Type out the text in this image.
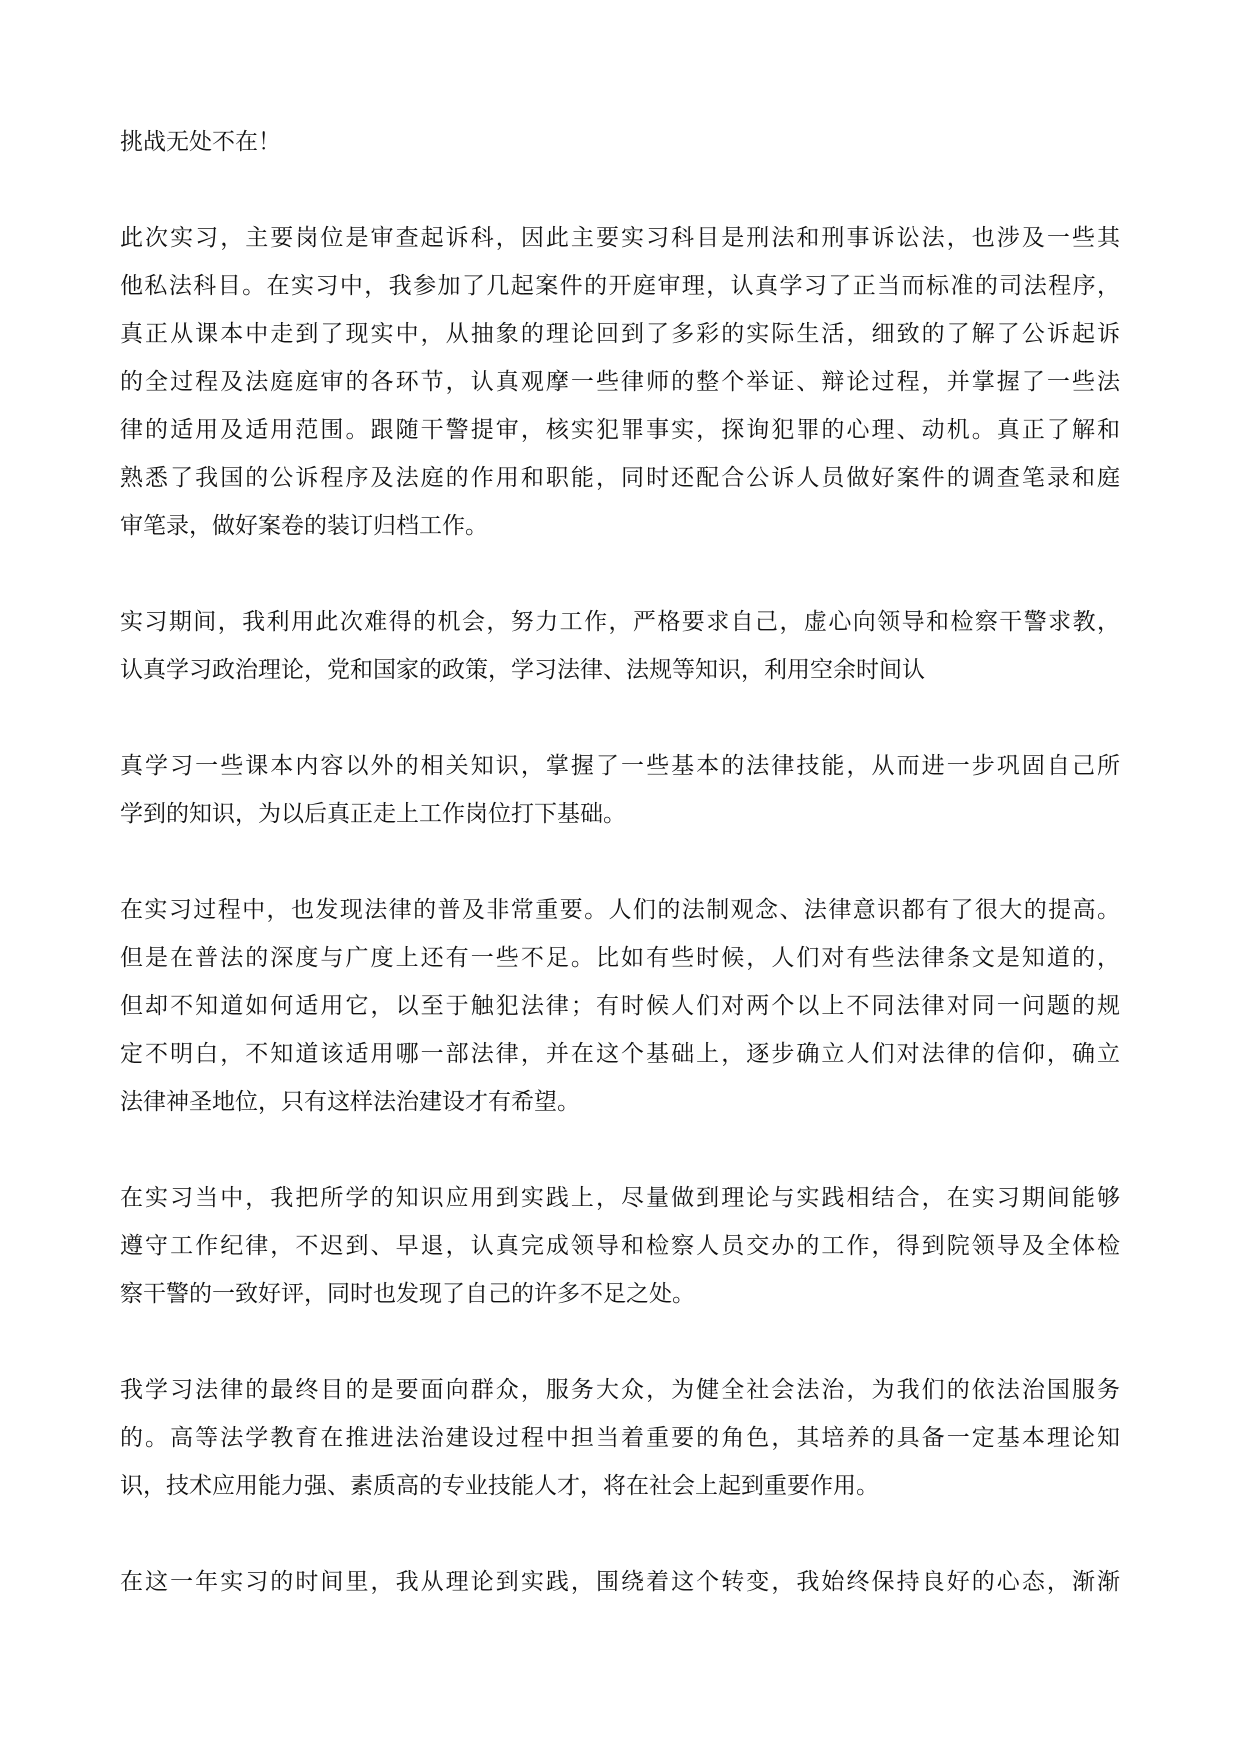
挑战无处不在！
此次实习，主要岗位是审查起诉科，因此主要实习科目是刑法和刑事诉讼法，也涉及一些其
他私法科目。在实习中，我参加了几起案件的开庭审理，认真学习了正当而标准的司法程序，
真正从课本中走到了现实中，从抽象的理论回到了多彩的实际生活，细致的了解了公诉起诉
的全过程及法庭庭审的各环节，认真观摩一些律师的整个举证、辩论过程，并掌握了一些法
律的适用及适用范围。跟随干警提审，核实犯罪事实，探询犯罪的心理、动机。真正了解和
熟悉了我国的公诉程序及法庭的作用和职能，同时还配合公诉人员做好案件的调查笔录和庭
审笔录，做好案卷的装订归档工作。
实习期间，我利用此次难得的机会，努力工作，严格要求自己，虚心向领导和检察干警求教，
认真学习政治理论，党和国家的政策，学习法律、法规等知识，利用空余时间认
真学习一些课本内容以外的相关知识，掌握了一些基本的法律技能，从而进一步巩固自己所
学到的知识，为以后真正走上工作岗位打下基础。
在实习过程中，也发现法律的普及非常重要。人们的法制观念、法律意识都有了很大的提高。
但是在普法的深度与广度上还有一些不足。比如有些时候，人们对有些法律条文是知道的，
但却不知道如何适用它，以至于触犯法律；有时候人们对两个以上不同法律对同一问题的规
定不明白，不知道该适用哪一部法律，并在这个基础上，逐步确立人们对法律的信仰，确立
法律神圣地位，只有这样法治建设才有希望。
在实习当中，我把所学的知识应用到实践上，尽量做到理论与实践相结合，在实习期间能够
遵守工作纪律，不迟到、早退，认真完成领导和检察人员交办的工作，得到院领导及全体检
察干警的一致好评，同时也发现了自己的许多不足之处。
我学习法律的最终目的是要面向群众，服务大众，为健全社会法治，为我们的依法治国服务
的。高等法学教育在推进法治建设过程中担当着重要的角色，其培养的具备一定基本理论知
识，技术应用能力强、素质高的专业技能人才，将在社会上起到重要作用。
在这一年实习的时间里，我从理论到实践，围绕着这个转变，我始终保持良好的心态，渐渐
